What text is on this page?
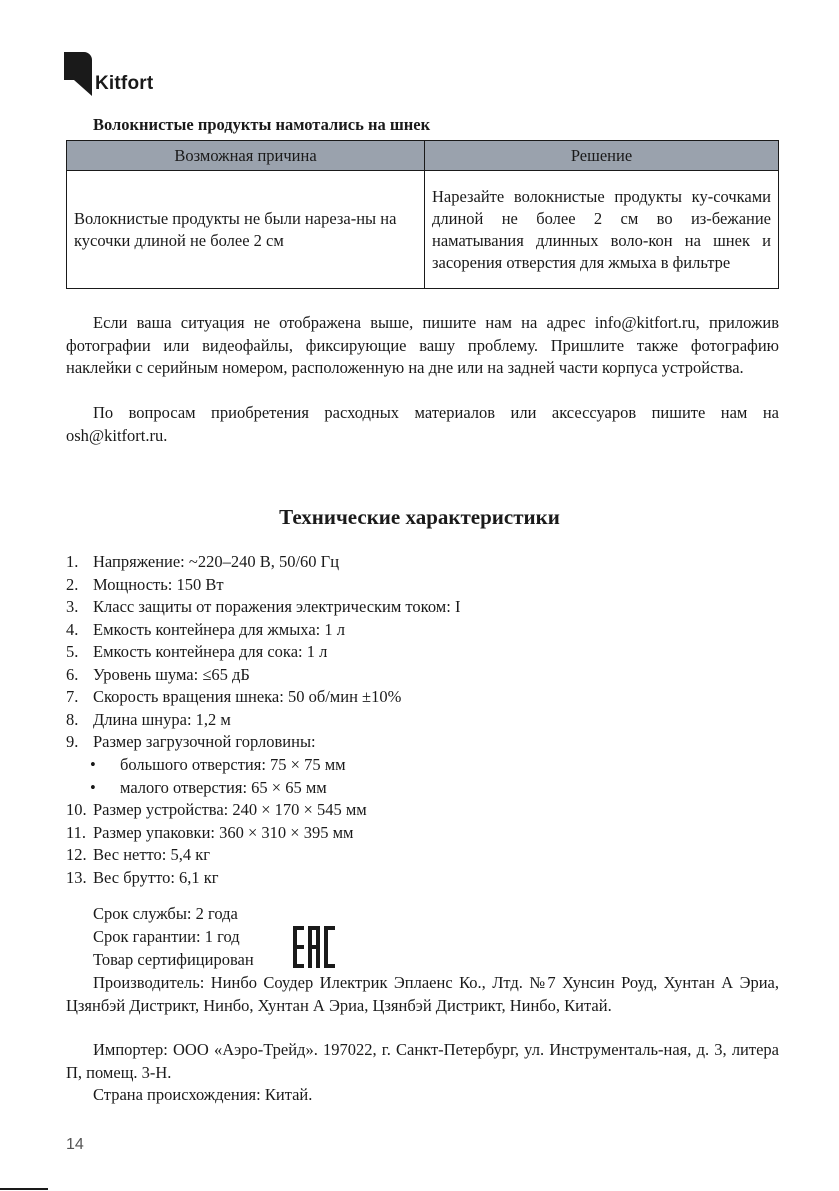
Kitfort
Волокнистые продукты намотались на шнек
Возможная причина	Решение
Волокнистые продукты не были нареза-ны на кусочки длиной не более 2 см	Нарезайте волокнистые продукты ку-сочками длиной не более 2 см во из-бежание наматывания длинных воло-кон на шнек и засорения отверстия для жмыха в фильтре

Если ваша ситуация не отображена выше, пишите нам на адрес info@kitfort.ru, приложив фотографии или видеофайлы, фиксирующие вашу проблему. Пришлите также фотографию наклейки с серийным номером, расположенную на дне или на задней части корпуса устройства.

По вопросам приобретения расходных материалов или аксессуаров пишите нам на osh@kitfort.ru.

Технические характеристики
1. Напряжение: ~220–240 В, 50/60 Гц
2. Мощность: 150 Вт
3. Класс защиты от поражения электрическим током: I
4. Емкость контейнера для жмыха: 1 л
5. Емкость контейнера для сока: 1 л
6. Уровень шума: ≤65 дБ
7. Скорость вращения шнека: 50 об/мин ±10%
8. Длина шнура: 1,2 м
9. Размер загрузочной горловины:
•	большого отверстия: 75 × 75 мм
•	малого отверстия: 65 × 65 мм
10. Размер устройства: 240 × 170 × 545 мм
11. Размер упаковки: 360 × 310 × 395 мм
12. Вес нетто: 5,4 кг
13. Вес брутто: 6,1 кг
Срок службы: 2 года
Срок гарантии: 1 год
Товар сертифицирован

Производитель: Нинбо Соудер Илектрик Эплаенс Ко., Лтд. №7 Хунсин Роуд, Хунтан А Эриа, Цзянбэй Дистрикт, Нинбо, Хунтан А Эриа, Цзянбэй Дистрикт, Нинбо, Китай.

Импортер: ООО «Аэро-Трейд». 197022, г. Санкт-Петербург, ул. Инструменталь-ная, д. 3, литера П, помещ. 3-Н.

Страна происхождения: Китай.

14
